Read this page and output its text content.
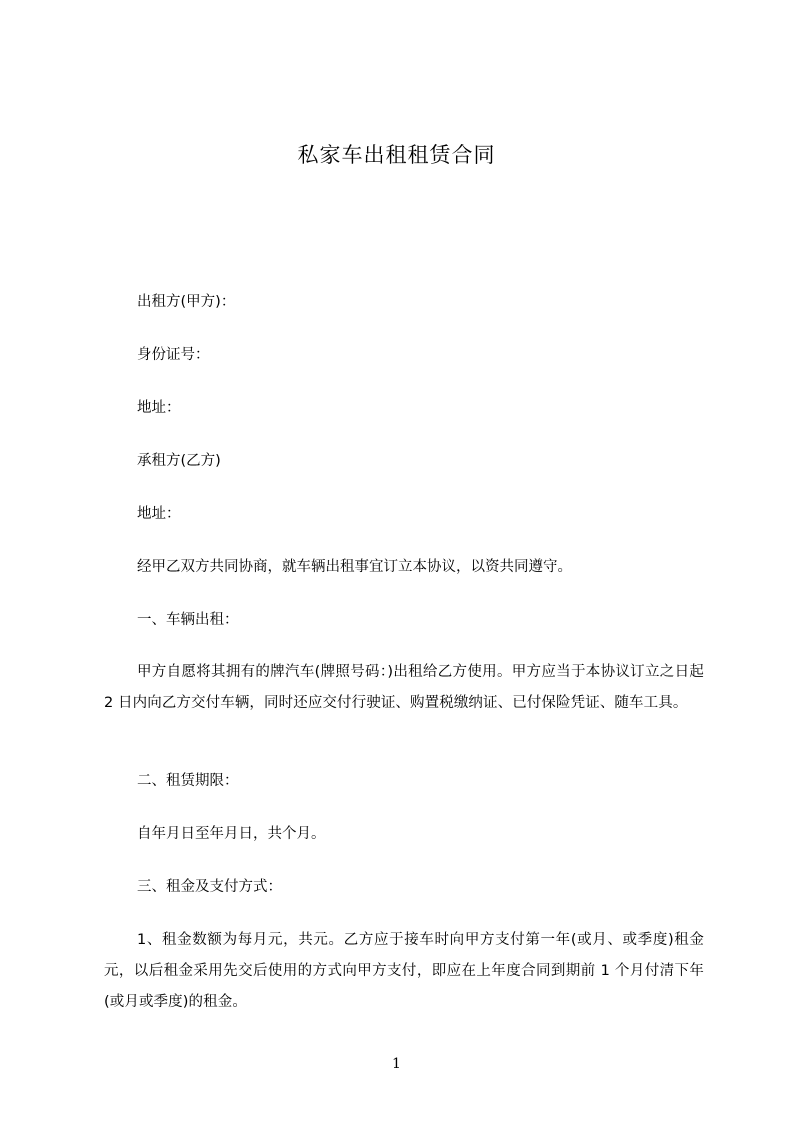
私家车出租租赁合同
出租方(甲方)：
身份证号：
地址：
承租方(乙方)
地址：
经甲乙双方共同协商，就车辆出租事宜订立本协议，以资共同遵守。
一、车辆出租：
甲方自愿将其拥有的牌汽车(牌照号码：)出租给乙方使用。甲方应当于本协议订立之日起 2 日内向乙方交付车辆，同时还应交付行驶证、购置税缴纳证、已付保险凭证、随车工具。
二、租赁期限：
自年月日至年月日，共个月。
三、租金及支付方式：
1、租金数额为每月元，共元。乙方应于接车时向甲方支付第一年(或月、或季度)租金元，以后租金采用先交后使用的方式向甲方支付，即应在上年度合同到期前 1 个月付清下年(或月或季度)的租金。
1
